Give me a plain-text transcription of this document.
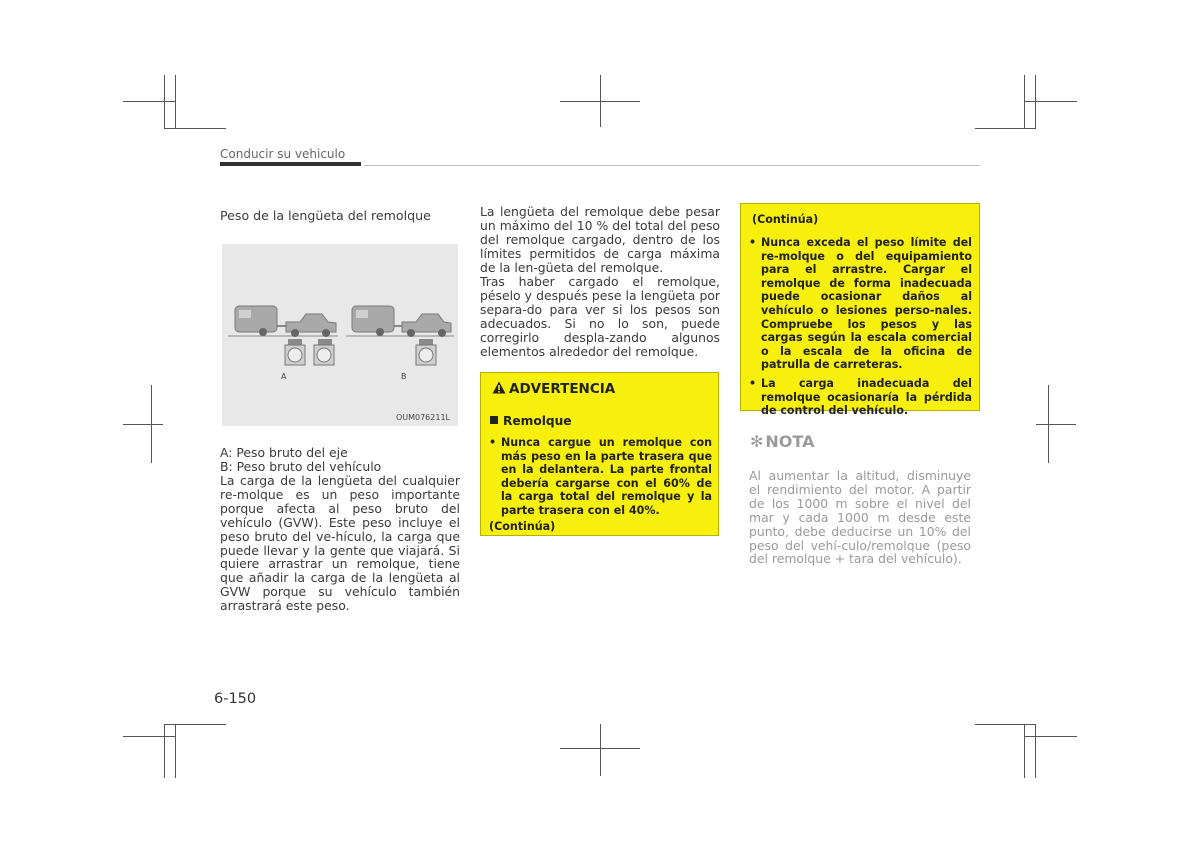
Conducir su vehiculo
Peso de la lengüeta del remolque
A	B
OUM076211L
A: Peso bruto del eje
B: Peso bruto del vehículo
La carga de la lengüeta del cualquier re-molque es un peso importante porque afecta al peso bruto del vehículo (GVW). Este peso incluye el peso bruto del ve-hículo, la carga que puede llevar y la gente que viajará. Si quiere arrastrar un remolque, tiene que añadir la carga de la lengüeta al GVW porque su vehículo también arrastrará este peso.
La lengüeta del remolque debe pesar un máximo del 10 % del total del peso del remolque cargado, dentro de los límites permitidos de carga máxima de la len-güeta del remolque.
Tras haber cargado el remolque, péselo y después pese la lengüeta por separa-do para ver si los pesos son adecuados. Si no lo son, puede corregirlo despla-zando algunos elementos alrededor del remolque.
ADVERTENCIA
Remolque
• Nunca cargue un remolque con más peso en la parte trasera que en la delantera. La parte frontal debería cargarse con el 60% de la carga total del remolque y la parte trasera con el 40%.
(Continúa)
(Continúa)
• Nunca exceda el peso límite del re-molque o del equipamiento para el arrastre. Cargar el remolque de forma inadecuada puede ocasionar daños al vehículo o lesiones perso-nales. Compruebe los pesos y las cargas según la escala comercial o la escala de la oficina de patrulla de carreteras.
• La carga inadecuada del remolque ocasionaría la pérdida de control del vehículo.
✻ NOTA
Al aumentar la altitud, disminuye el rendimiento del motor. A partir de los 1000 m sobre el nivel del mar y cada 1000 m desde este punto, debe deducirse un 10% del peso del vehí-culo/remolque (peso del remolque + tara del vehículo).
6-150
